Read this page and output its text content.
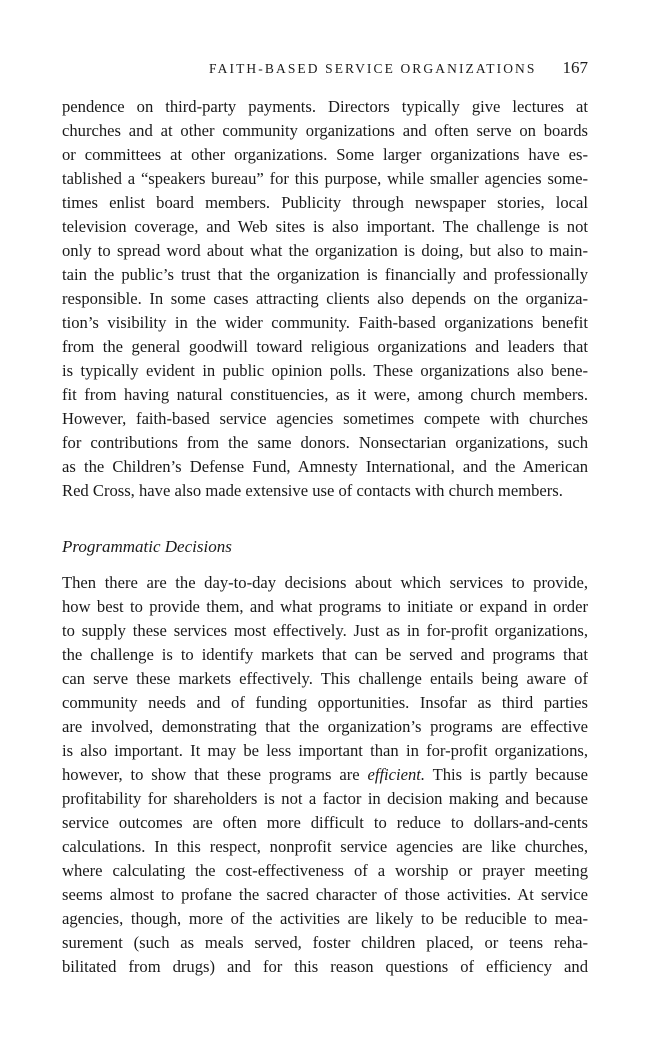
FAITH-BASED SERVICE ORGANIZATIONS 167
pendence on third-party payments. Directors typically give lectures at
churches and at other community organizations and often serve on boards
or committees at other organizations. Some larger organizations have es-
tablished a “speakers bureau” for this purpose, while smaller agencies some-
times enlist board members. Publicity through newspaper stories, local
television coverage, and Web sites is also important. The challenge is not
only to spread word about what the organization is doing, but also to main-
tain the public’s trust that the organization is financially and professionally
responsible. In some cases attracting clients also depends on the organiza-
tion’s visibility in the wider community. Faith-based organizations benefit
from the general goodwill toward religious organizations and leaders that
is typically evident in public opinion polls. These organizations also bene-
fit from having natural constituencies, as it were, among church members.
However, faith-based service agencies sometimes compete with churches
for contributions from the same donors. Nonsectarian organizations, such
as the Children’s Defense Fund, Amnesty International, and the American
Red Cross, have also made extensive use of contacts with church members.
Programmatic Decisions
Then there are the day-to-day decisions about which services to provide,
how best to provide them, and what programs to initiate or expand in order
to supply these services most effectively. Just as in for-profit organizations,
the challenge is to identify markets that can be served and programs that
can serve these markets effectively. This challenge entails being aware of
community needs and of funding opportunities. Insofar as third parties
are involved, demonstrating that the organization’s programs are effective
is also important. It may be less important than in for-profit organizations,
however, to show that these programs are efficient. This is partly because
profitability for shareholders is not a factor in decision making and because
service outcomes are often more difficult to reduce to dollars-and-cents
calculations. In this respect, nonprofit service agencies are like churches,
where calculating the cost-effectiveness of a worship or prayer meeting
seems almost to profane the sacred character of those activities. At service
agencies, though, more of the activities are likely to be reducible to mea-
surement (such as meals served, foster children placed, or teens reha-
bilitated from drugs) and for this reason questions of efficiency and
